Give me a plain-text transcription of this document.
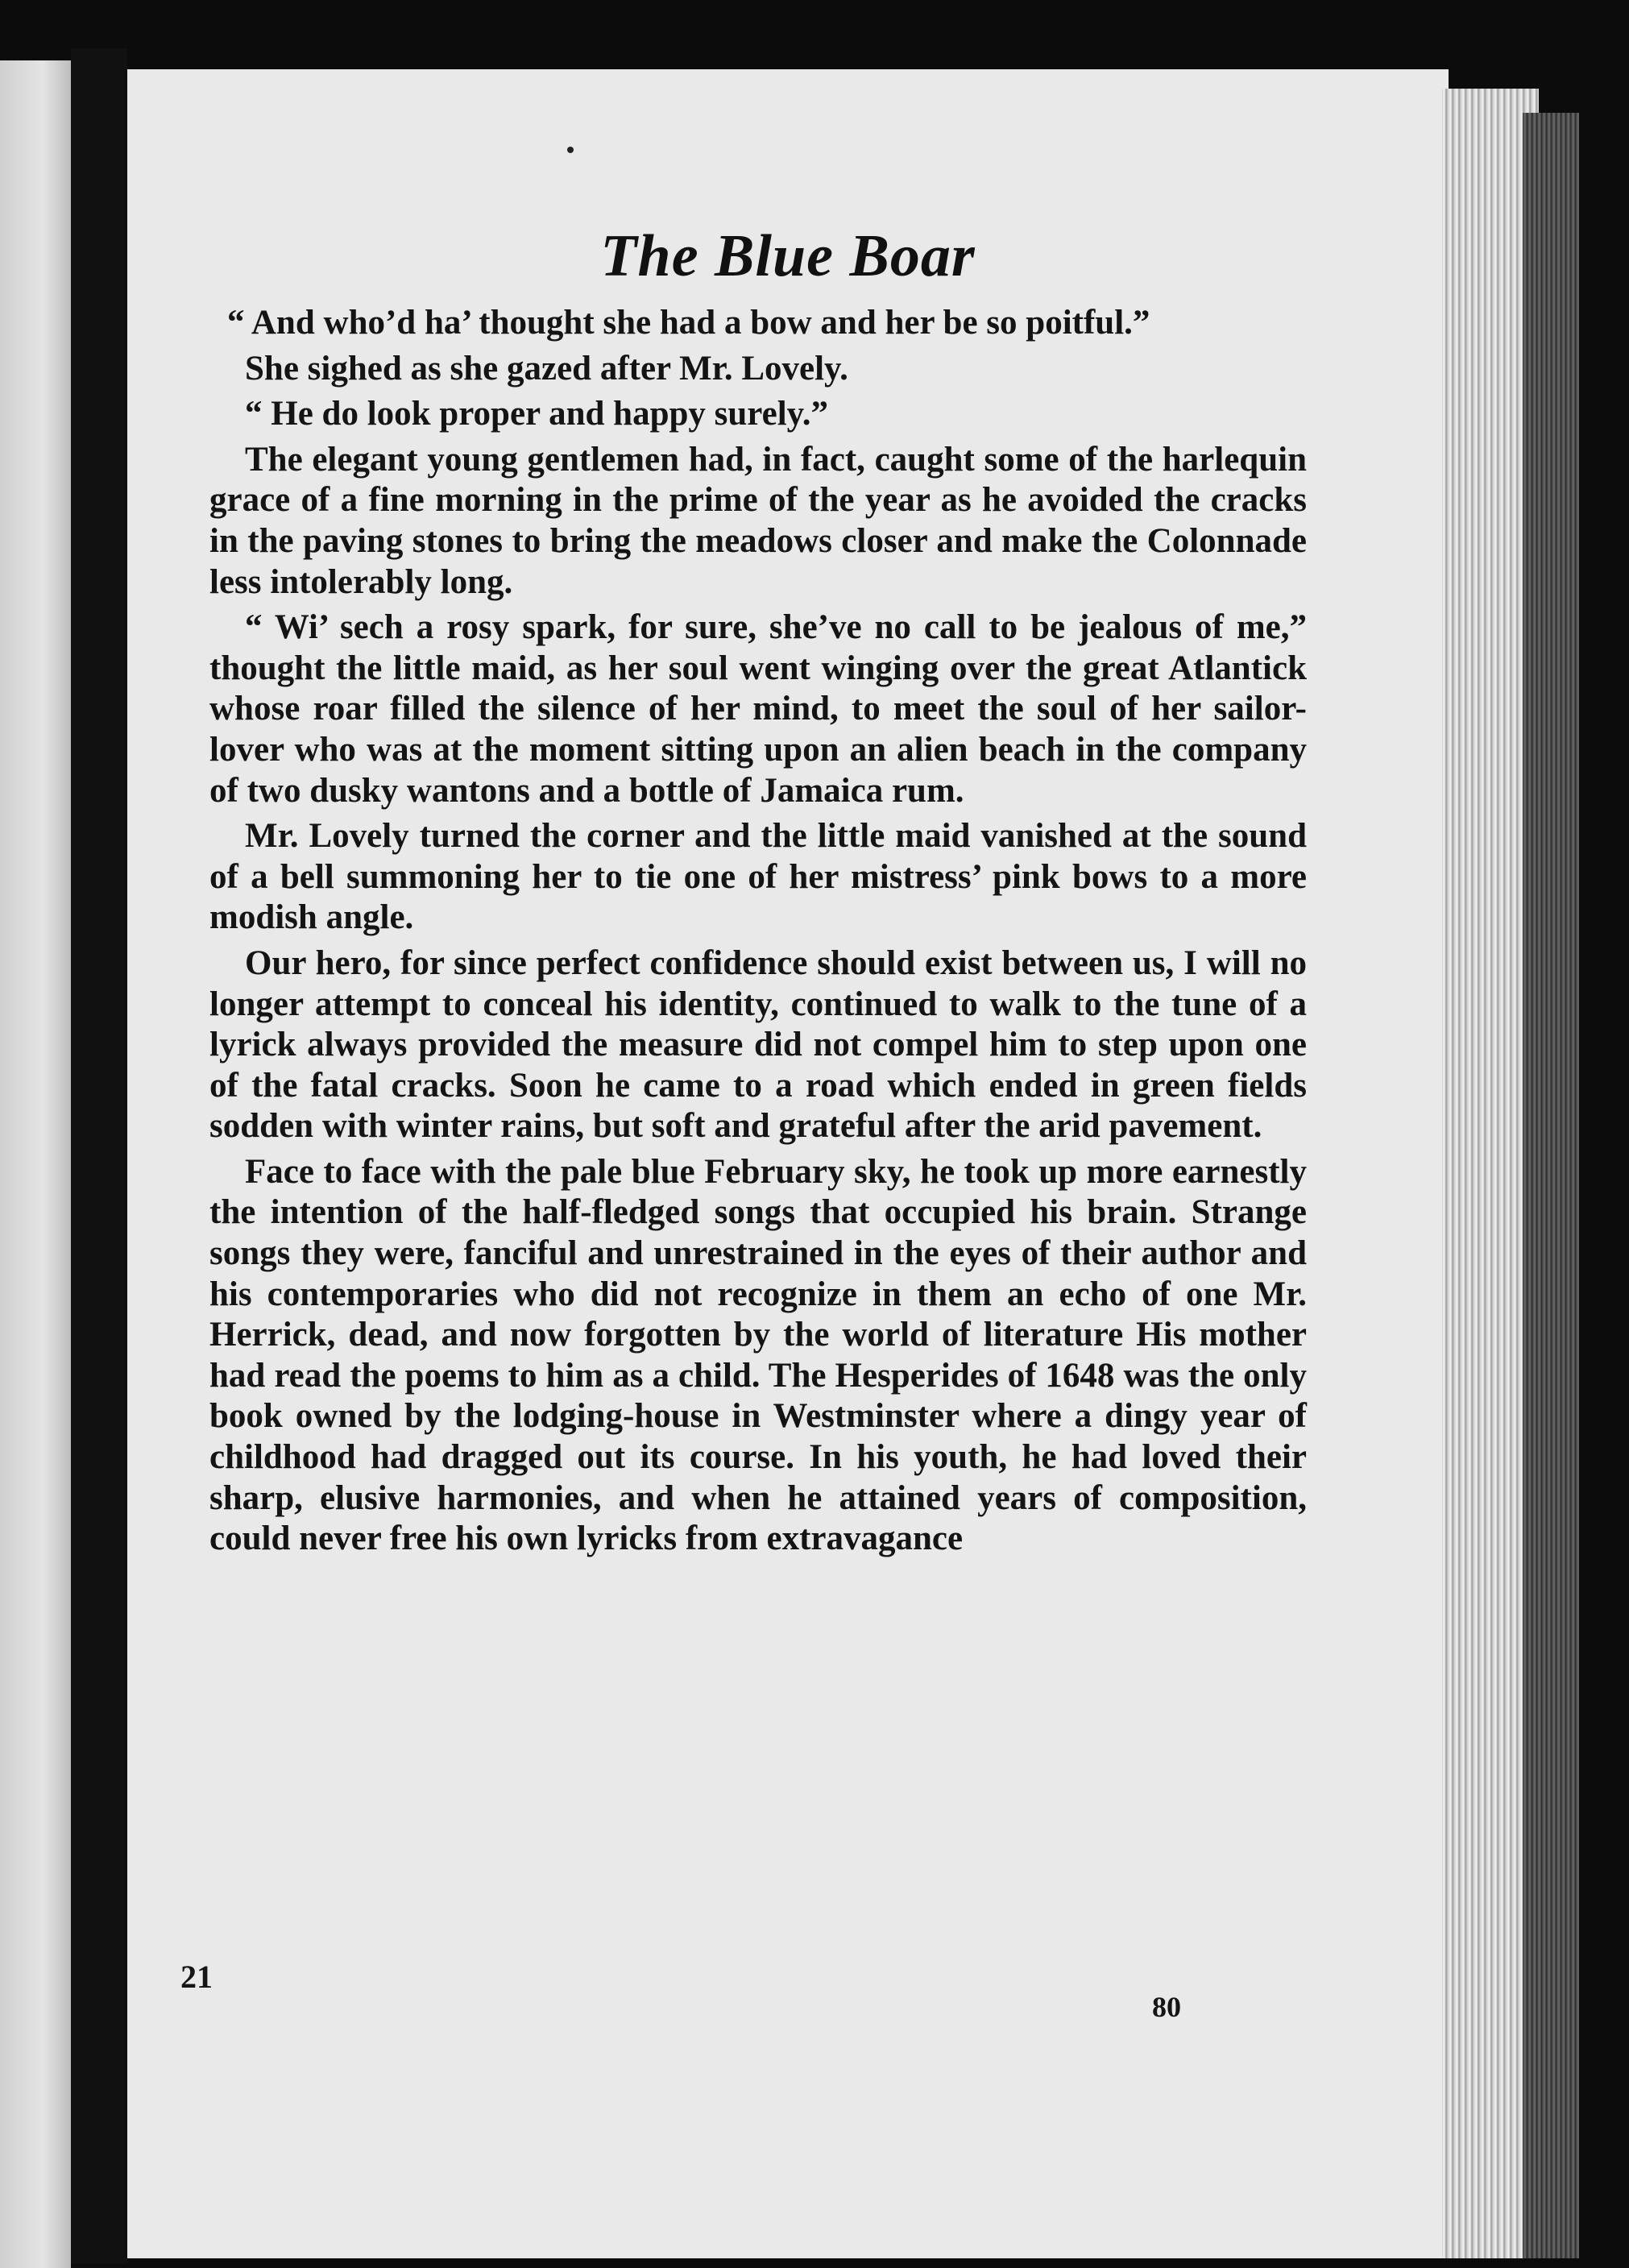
The Blue Boar

“ And who’d ha’ thought she had a bow and her be so poitful.”

She sighed as she gazed after Mr. Lovely.

“ He do look proper and happy surely.”

The elegant young gentlemen had, in fact, caught some of the harlequin grace of a fine morning in the prime of the year as he avoided the cracks in the paving stones to bring the meadows closer and make the Colonnade less intolerably long.

“ Wi’ sech a rosy spark, for sure, she’ve no call to be jealous of me,” thought the little maid, as her soul went winging over the great Atlantick whose roar filled the silence of her mind, to meet the soul of her sailor-lover who was at the moment sitting upon an alien beach in the company of two dusky wantons and a bottle of Jamaica rum.

Mr. Lovely turned the corner and the little maid vanished at the sound of a bell summoning her to tie one of her mistress’ pink bows to a more modish angle.

Our hero, for since perfect confidence should exist between us, I will no longer attempt to conceal his identity, continued to walk to the tune of a lyrick always provided the measure did not compel him to step upon one of the fatal cracks. Soon he came to a road which ended in green fields sodden with winter rains, but soft and grateful after the arid pavement.

Face to face with the pale blue February sky, he took up more earnestly the intention of the half-fledged songs that occupied his brain. Strange songs they were, fanciful and unrestrained in the eyes of their author and his contemporaries who did not recognize in them an echo of one Mr. Herrick, dead, and now forgotten by the world of literature His mother had read the poems to him as a child. The Hesperides of 1648 was the only book owned by the lodging-house in Westminster where a dingy year of childhood had dragged out its course. In his youth, he had loved their sharp, elusive harmonies, and when he attained years of composition, could never free his own lyricks from extravagance

21
80
